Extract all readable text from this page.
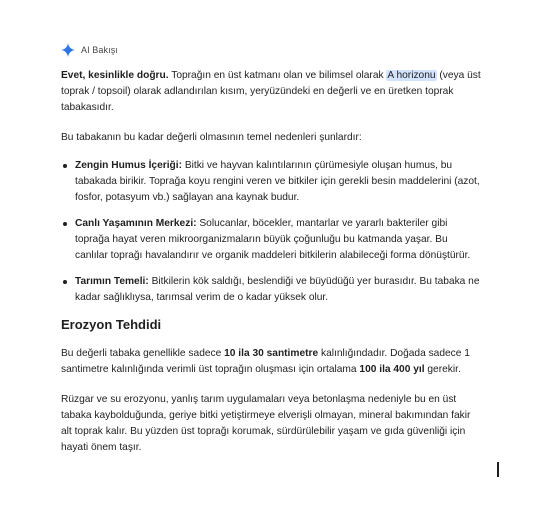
AI Bakışı

Evet, kesinlikle doğru. Toprağın en üst katmanı olan ve bilimsel olarak A horizonu (veya üst toprak / topsoil) olarak adlandırılan kısım, yeryüzündeki en değerli ve en üretken toprak tabakasıdır.

Bu tabakanın bu kadar değerli olmasının temel nedenleri şunlardır:

Zengin Humus İçeriği: Bitki ve hayvan kalıntılarının çürümesiyle oluşan humus, bu tabakada birikir. Toprağa koyu rengini veren ve bitkiler için gerekli besin maddelerini (azot, fosfor, potasyum vb.) sağlayan ana kaynak budur.
Canlı Yaşamının Merkezi: Solucanlar, böcekler, mantarlar ve yararlı bakteriler gibi toprağa hayat veren mikroorganizmaların büyük çoğunluğu bu katmanda yaşar. Bu canlılar toprağı havalandırır ve organik maddeleri bitkilerin alabileceği forma dönüştürür.
Tarımın Temeli: Bitkilerin kök saldığı, beslendiği ve büyüdüğü yer burasıdır. Bu tabaka ne kadar sağlıklıysa, tarımsal verim de o kadar yüksek olur.
Erozyon Tehdidi

Bu değerli tabaka genellikle sadece 10 ila 30 santimetre kalınlığındadır. Doğada sadece 1 santimetre kalınlığında verimli üst toprağın oluşması için ortalama 100 ila 400 yıl gerekir.

Rüzgar ve su erozyonu, yanlış tarım uygulamaları veya betonlaşma nedeniyle bu en üst tabaka kaybolduğunda, geriye bitki yetiştirmeye elverişli olmayan, mineral bakımından fakir alt toprak kalır. Bu yüzden üst toprağı korumak, sürdürülebilir yaşam ve gıda güvenliği için hayati önem taşır.
